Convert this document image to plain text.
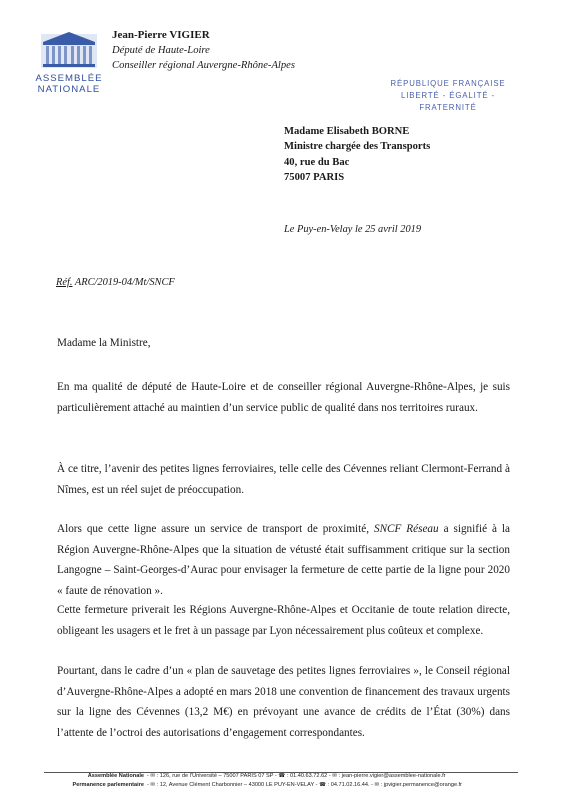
ASSEMBLÉE
NATIONALE
Jean-Pierre VIGIER
Député de Haute-Loire
Conseiller régional Auvergne-Rhône-Alpes
RÉPUBLIQUE FRANÇAISE
LIBERTÉ - ÉGALITÉ - FRATERNITÉ
Madame Elisabeth BORNE
Ministre chargée des Transports
40, rue du Bac
75007 PARIS
Le Puy-en-Velay le 25 avril 2019
Réf. ARC/2019-04/Mt/SNCF
Madame la Ministre,
En ma qualité de député de Haute-Loire et de conseiller régional Auvergne-Rhône-Alpes, je suis particulièrement attaché au maintien d’un service public de qualité dans nos territoires ruraux.
À ce titre, l’avenir des petites lignes ferroviaires, telle celle des Cévennes reliant Clermont-Ferrand à Nîmes, est un réel sujet de préoccupation.
Alors que cette ligne assure un service de transport de proximité, SNCF Réseau a signifié à la Région Auvergne-Rhône-Alpes que la situation de vétusté était suffisamment critique sur la section Langogne – Saint-Georges-d’Aurac pour envisager la fermeture de cette partie de la ligne pour 2020 « faute de rénovation ».
Cette fermeture priverait les Régions Auvergne-Rhône-Alpes et Occitanie de toute relation directe, obligeant les usagers et le fret à un passage par Lyon nécessairement plus coûteux et complexe.
Pourtant, dans le cadre d’un « plan de sauvetage des petites lignes ferroviaires », le Conseil régional d’Auvergne-Rhône-Alpes a adopté en mars 2018 une convention de financement des travaux urgents sur la ligne des Cévennes (13,2 M€) en prévoyant une avance de crédits de l’État (30%) dans l’attente de l’octroi des autorisations d’engagement correspondantes.
Assemblée Nationale - ✉ : 126, rue de l’Université – 75007 PARIS 07 SP - ☎ : 01.40.63.72.62 - ✉ : jean-pierre.vigier@assemblee-nationale.fr
Permanence parlementaire - ✉ : 12, Avenue Clément Charbonnier – 43000 LE PUY-EN-VELAY - ☎ : 04.71.02.16.44. - ✉ : jpvigier.permanence@orange.fr
